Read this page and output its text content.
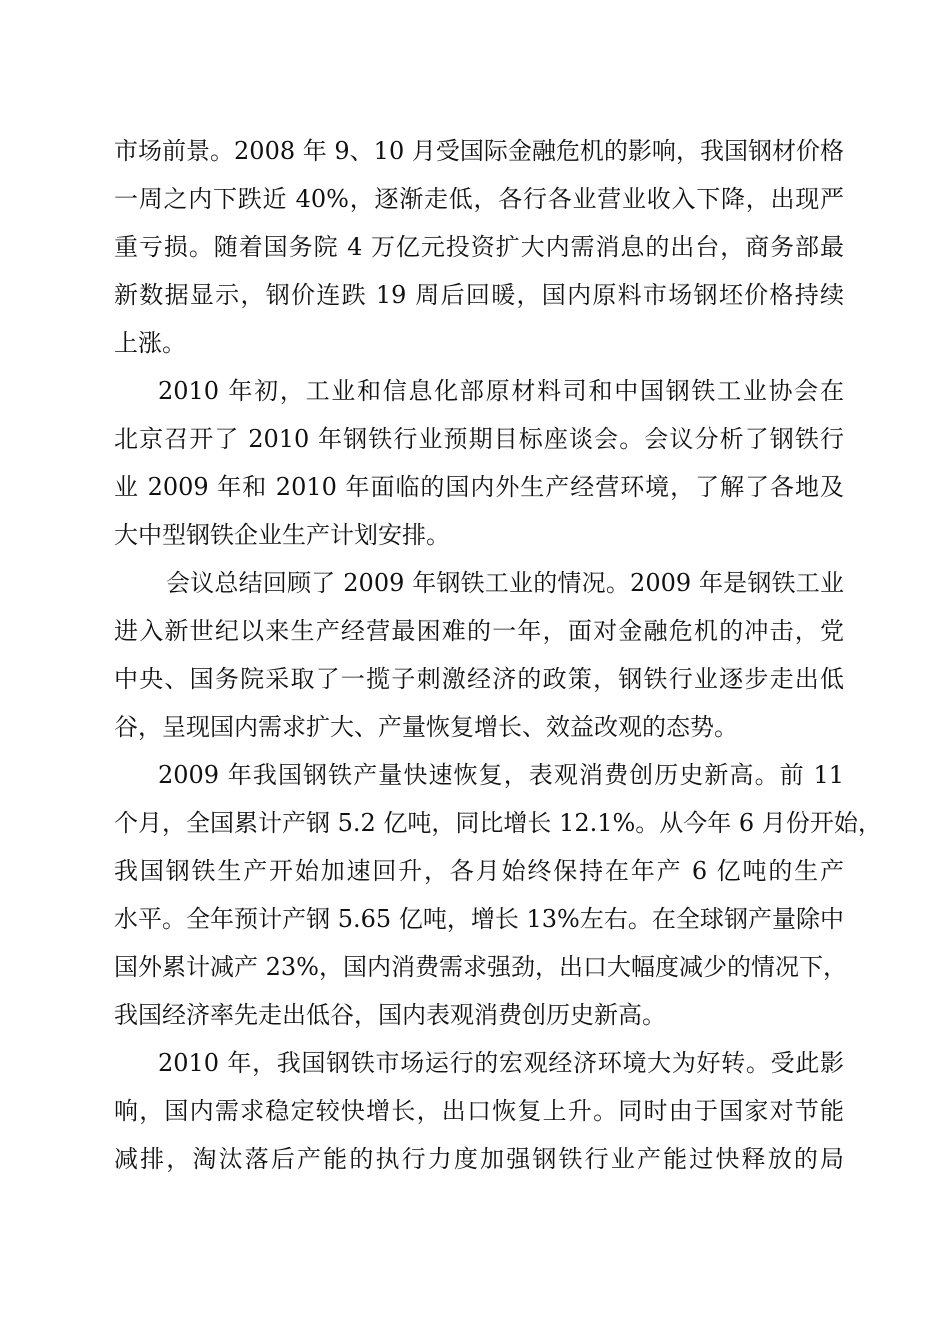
市场前景。2008 年 9、10 月受国际金融危机的影响，我国钢材价格
一周之内下跌近 40%，逐渐走低，各行各业营业收入下降，出现严
重亏损。随着国务院 4 万亿元投资扩大内需消息的出台，商务部最
新数据显示，钢价连跌 19 周后回暖，国内原料市场钢坯价格持续
上涨。
2010 年初，工业和信息化部原材料司和中国钢铁工业协会在
北京召开了 2010 年钢铁行业预期目标座谈会。会议分析了钢铁行
业 2009 年和 2010 年面临的国内外生产经营环境，了解了各地及
大中型钢铁企业生产计划安排。
会议总结回顾了 2009 年钢铁工业的情况。2009 年是钢铁工业
进入新世纪以来生产经营最困难的一年，面对金融危机的冲击，党
中央、国务院采取了一揽子刺激经济的政策，钢铁行业逐步走出低
谷，呈现国内需求扩大、产量恢复增长、效益改观的态势。
2009 年我国钢铁产量快速恢复，表观消费创历史新高。前 11
个月，全国累计产钢 5.2 亿吨，同比增长 12.1%。从今年 6 月份开始，
我国钢铁生产开始加速回升，各月始终保持在年产 6 亿吨的生产
水平。全年预计产钢 5.65 亿吨，增长 13%左右。在全球钢产量除中
国外累计减产 23%，国内消费需求强劲，出口大幅度减少的情况下，
我国经济率先走出低谷，国内表观消费创历史新高。
2010 年，我国钢铁市场运行的宏观经济环境大为好转。受此影
响，国内需求稳定较快增长，出口恢复上升。同时由于国家对节能
减排，淘汰落后产能的执行力度加强钢铁行业产能过快释放的局
